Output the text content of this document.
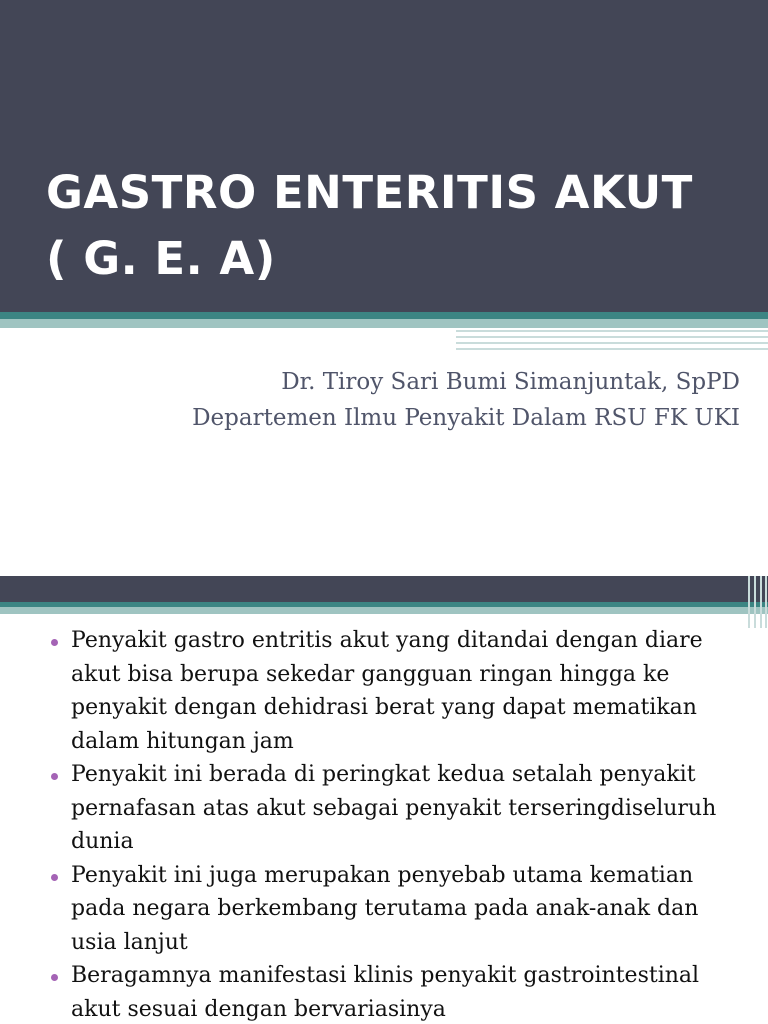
GASTRO ENTERITIS AKUT
( G. E. A)
Dr. Tiroy Sari Bumi Simanjuntak, SpPD
Departemen Ilmu Penyakit Dalam RSU FK UKI
Penyakit gastro entritis akut yang ditandai dengan diare akut bisa berupa sekedar gangguan ringan hingga ke penyakit dengan dehidrasi berat yang dapat mematikan dalam hitungan jam
Penyakit ini berada di peringkat kedua setalah penyakit pernafasan atas akut sebagai penyakit terseringdiseluruh dunia
Penyakit ini juga merupakan penyebab utama kematian pada negara berkembang terutama pada anak-anak dan usia lanjut
Beragamnya manifestasi klinis penyakit gastrointestinal akut sesuai dengan bervariasinya
